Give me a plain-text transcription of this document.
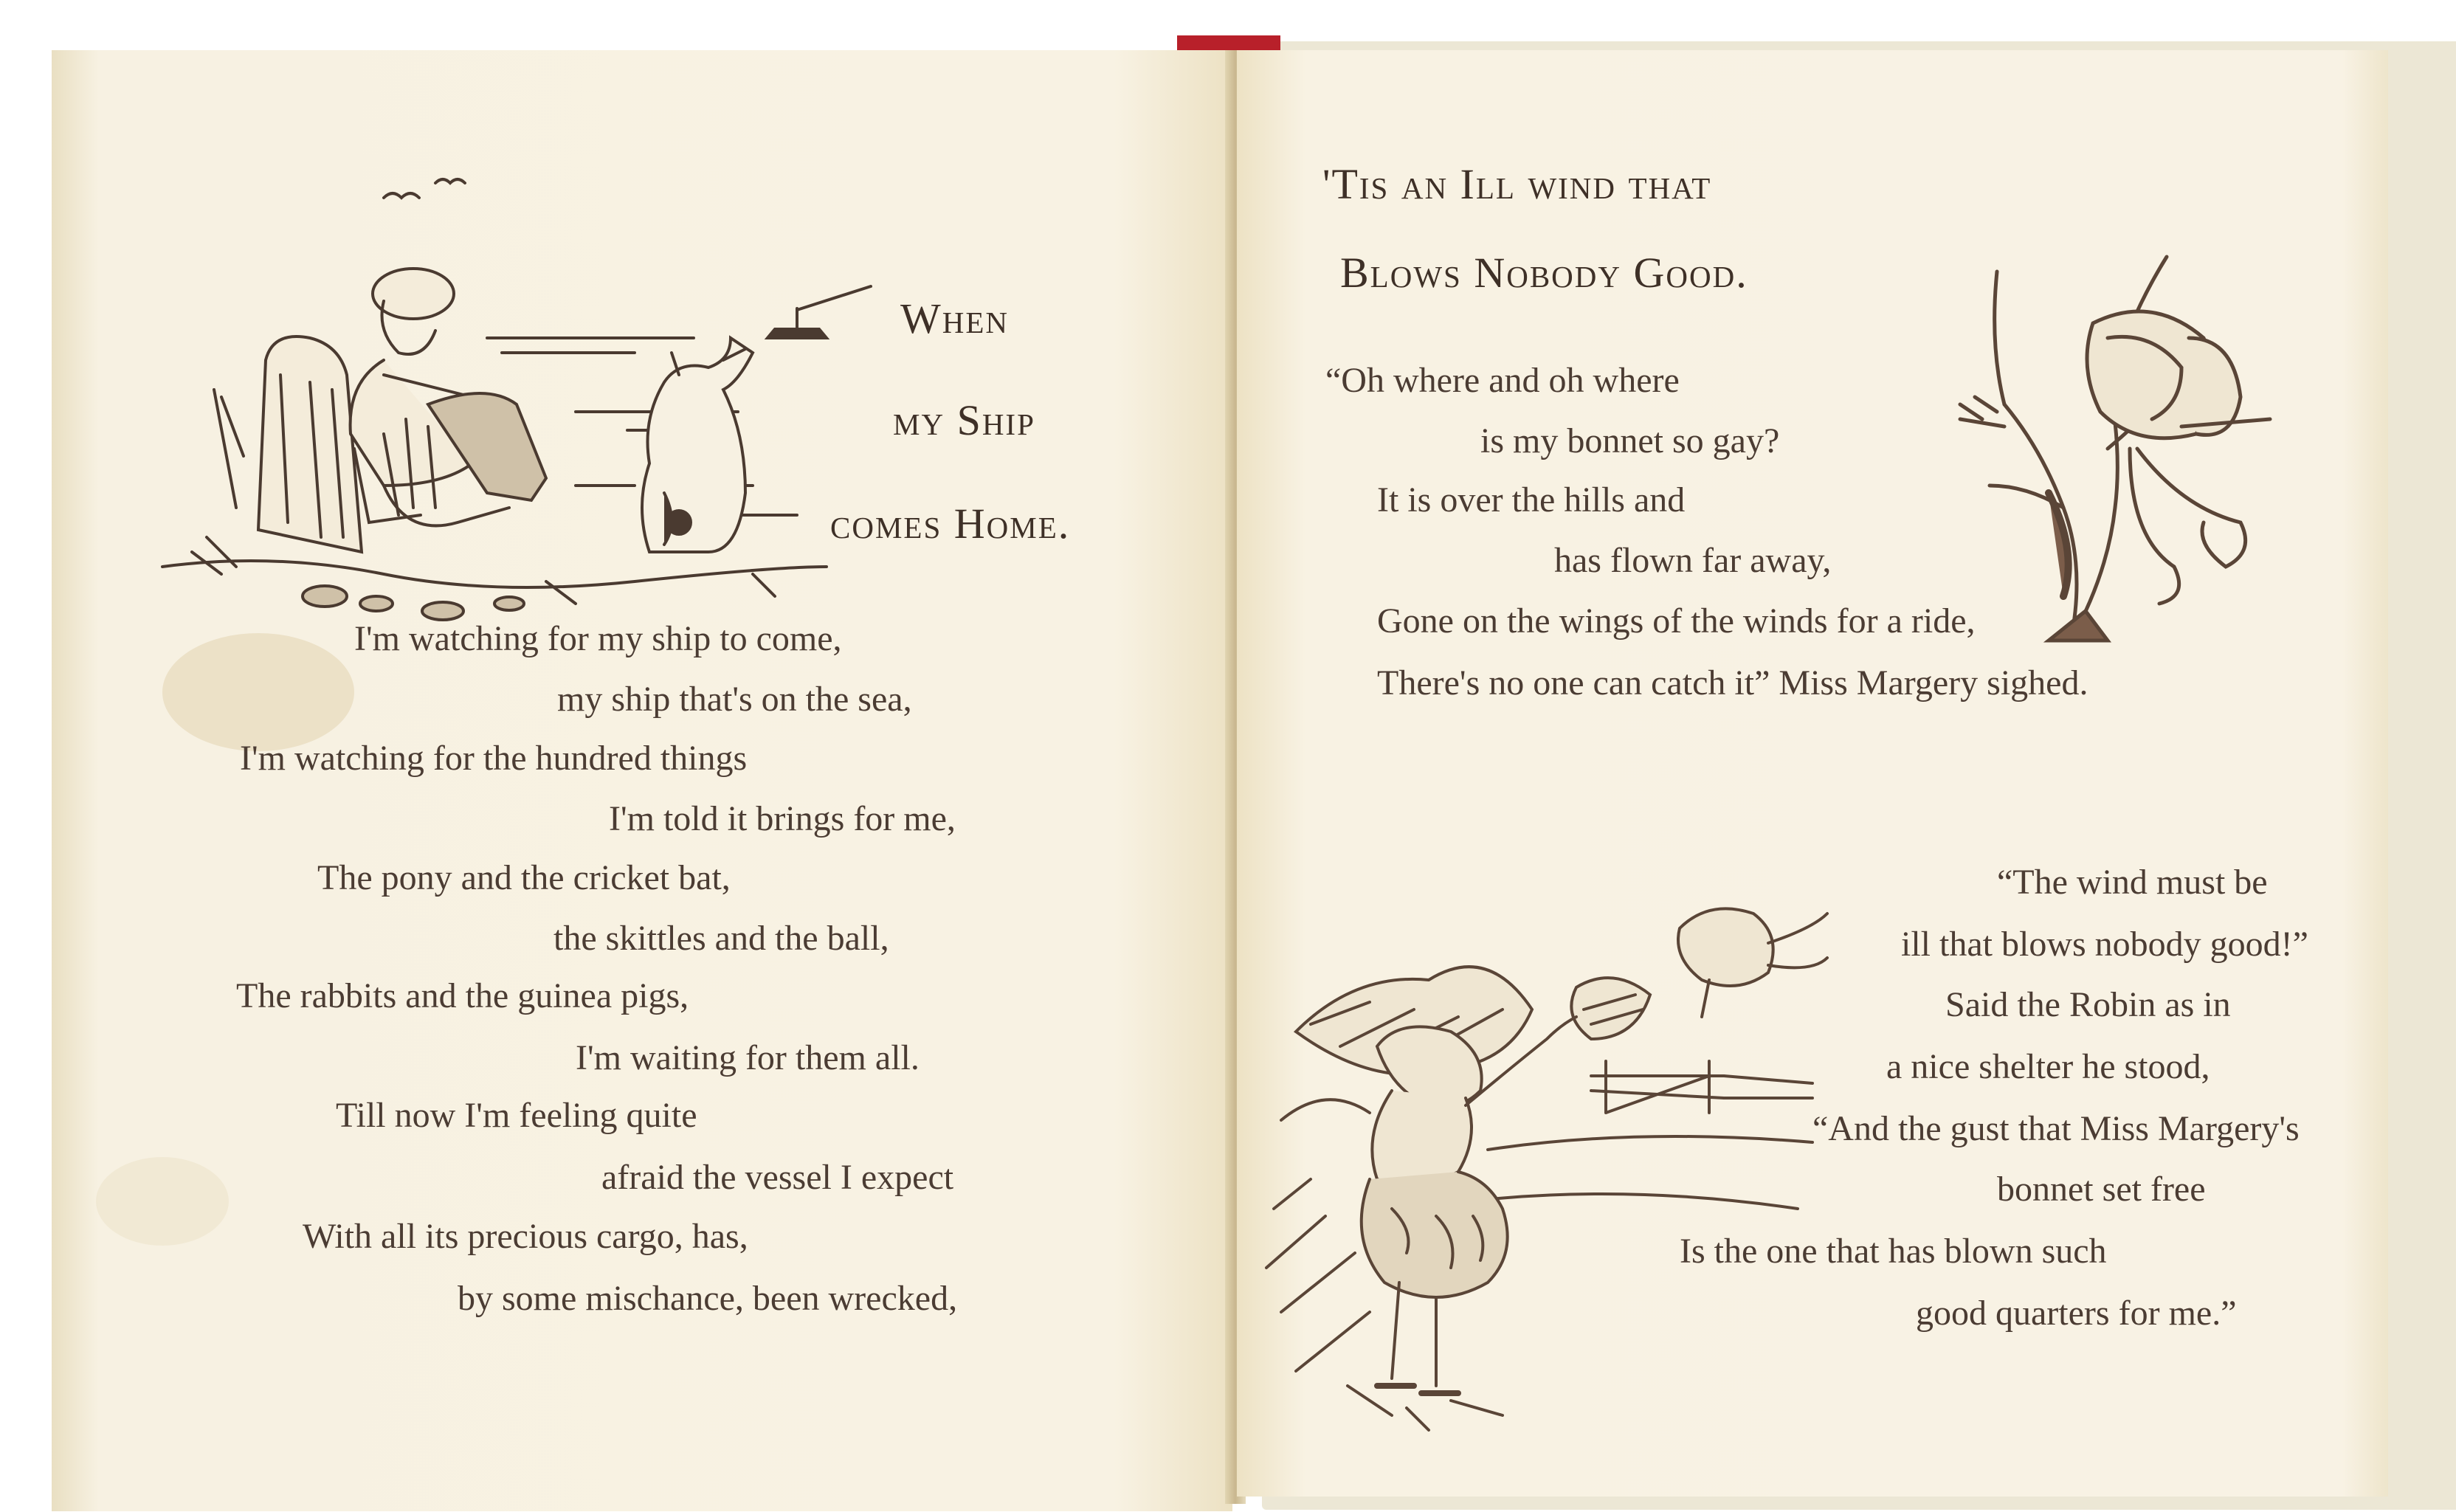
When
my Ship
comes Home.
I'm watching for my ship to come,
my ship that's on the sea,
I'm watching for the hundred things
I'm told it brings for me,
The pony and the cricket bat,
the skittles and the ball,
The rabbits and the guinea pigs,
I'm waiting for them all.
Till now I'm feeling quite
afraid the vessel I expect
With all its precious cargo, has,
by some mischance, been wrecked,
'Tis an Ill wind that
Blows Nobody Good.
“Oh where and oh where
is my bonnet so gay?
It is over the hills and
has flown far away,
Gone on the wings of the winds for a ride,
There's no one can catch it” Miss Margery sighed.
“The wind must be
ill that blows nobody good!”
Said the Robin as in
a nice shelter he stood,
“And the gust that Miss Margery's
bonnet set free
Is the one that has blown such
good quarters for me.”
